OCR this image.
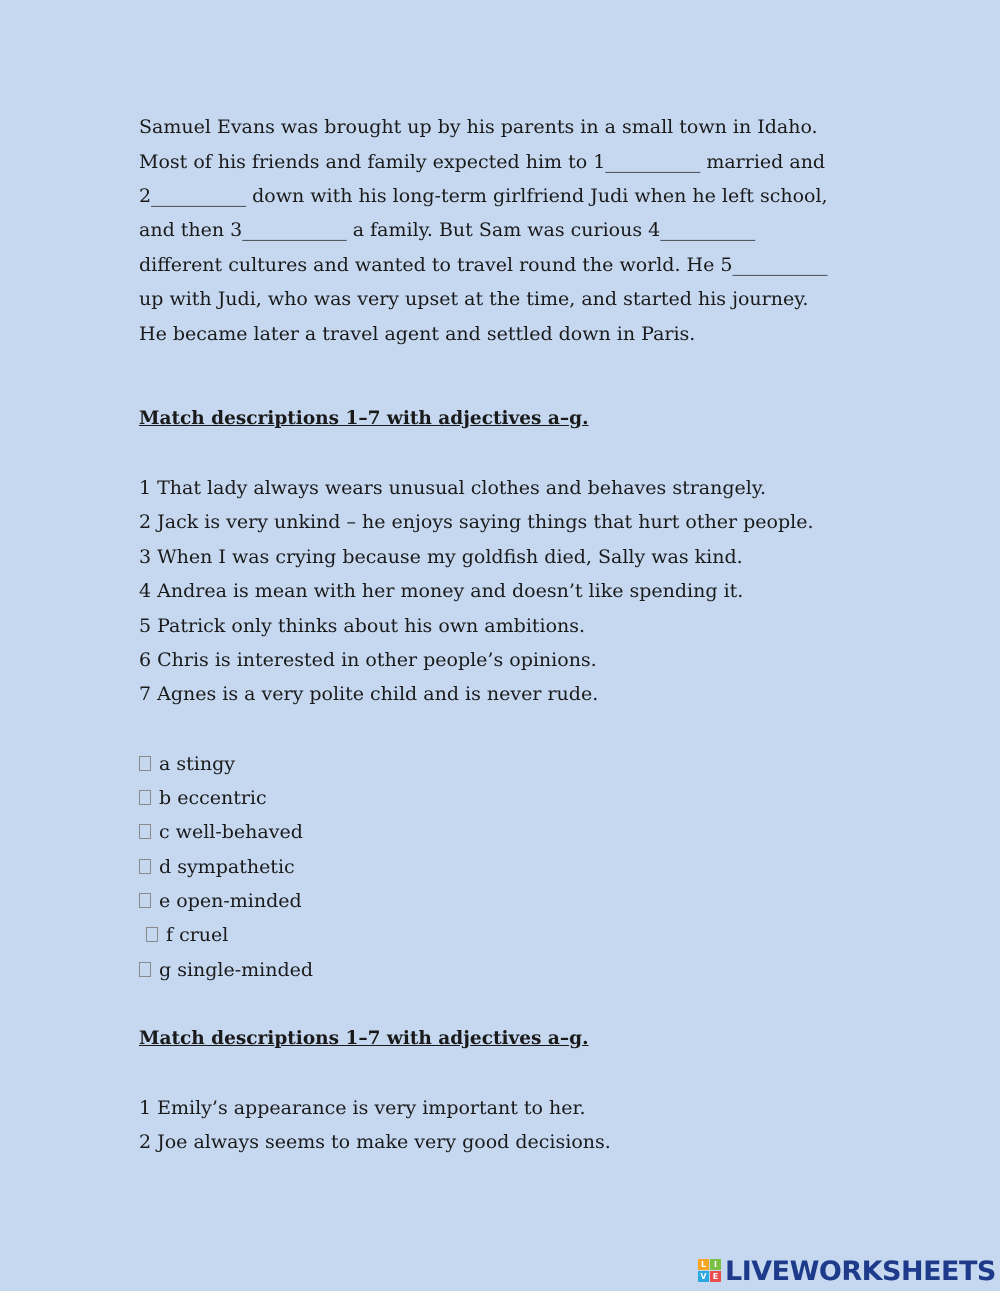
Samuel Evans was brought up by his parents in a small town in Idaho.
Most of his friends and family expected him to 1__________ married and
2__________ down with his long-term girlfriend Judi when he left school,
and then 3___________ a family. But Sam was curious 4__________
different cultures and wanted to travel round the world. He 5__________
up with Judi, who was very upset at the time, and started his journey.
He became later a travel agent and settled down in Paris.
Match descriptions 1–7 with adjectives a–g.
1 That lady always wears unusual clothes and behaves strangely.
2 Jack is very unkind – he enjoys saying things that hurt other people.
3 When I was crying because my goldfish died, Sally was kind.
4 Andrea is mean with her money and doesn’t like spending it.
5 Patrick only thinks about his own ambitions.
6 Chris is interested in other people’s opinions.
7 Agnes is a very polite child and is never rude.
a stingy
b eccentric
c well-behaved
d sympathetic
e open-minded
f cruel
g single-minded
Match descriptions 1–7 with adjectives a–g.
1 Emily’s appearance is very important to her.
2 Joe always seems to make very good decisions.
L I
V E LIVEWORKSHEETS
